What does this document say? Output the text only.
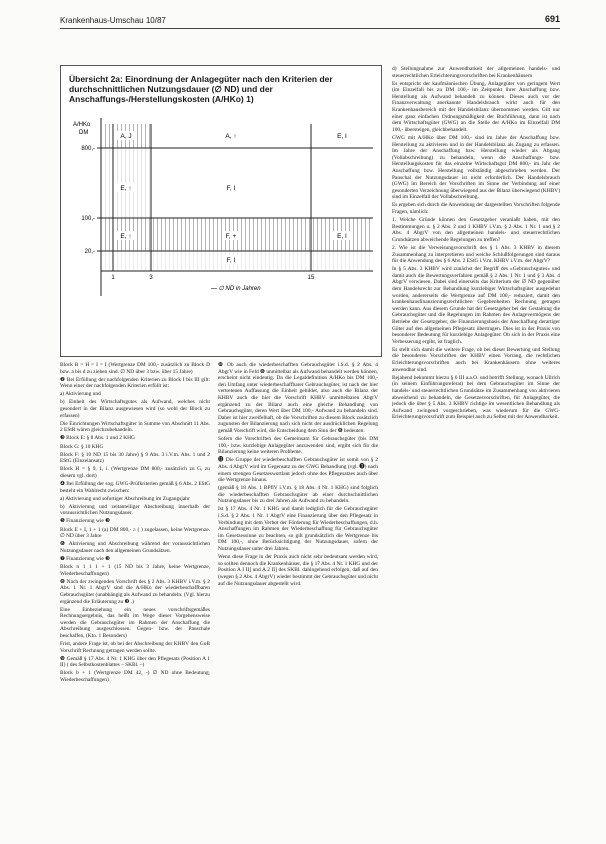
Krankenhaus-Umschau 10/87	691
Übersicht 2a: Einordnung der Anlagegüter nach den Kriterien der durchschnittlichen Nutzungsdauer (∅ ND) und der Anschaffungs-/Herstellungskosten (A/HKo) 1)
800,-
100,-
20,-
1	3	15
A/HKo
DM
— ∅ ND in Jahren
A, J	A, ↑	E, I
E, ↑	F, I
E, ↑	F, +	E, I
F, I

Block B = H = I = I (Wertgrenze DM 100,- zusätzlich zu Block D bzw. a bis d zu ziehen sind. ∅ ND über 3 bzw. über 15 Jahre)

❷ Bei Erfüllung der nachfolgenden Kriterien zu Block I bis III gilt: Wenn einer der nachfolgenden Kriterien erfüllt ist:

a) Aktivierung und

b) Einheit des Wirtschaftsgutes als Aufwand, welches nicht gesondert in der Bilanz ausgewiesen wird (so wohl der Block zu erfassen)

Die Einrichtungen Wirtschaftsgüter in Summe von Abschnitt 11 Abs. 2 EStR wären gleichzubehandeln.

❸ Block E: § 8 Abs. 1 und 2 KHG

Block G: § 10 KHG

Block F: § 10 ND 15 bis 30 Jahre) § 9 Abs. 3 i.V.m. Abs. 1 und 2 EStG (Einzelansatz)

Block H = § 9, 1, i. (Wertgrenze DM 800,- zusätzlich zu G, zu diesem vgl. dort)

❹ Bei Erfüllung der sog. GWG-Prüfkriterien gemäß § 6 Abs. 2 EStG besteht ein Wahlrecht zwischen:

a) Aktivierung und sofortiger Abschreibung im Zugangsjahr

b) Aktivierung und zeitanteiliger Abschreibung innerhalb der voraussichtlichen Nutzungsdauer.

❺ Finanzierung wie ❸

Block E + I, 1 + 1 (a) DM 800,- ≥ ( ) zugelassen, keine Wertgrenze. ∅ ND über 3 Jahre

❻ Aktivierung und Abschreibung während der voraussichtlichen Nutzungsdauer nach den allgemeinen Grundsätzen.

❼ Finanzierung wie ❸

Block n 1 1 1 + 1 (15 ND bis 3 Jahre, keine Wertgrenze, Wiederbeschaffungen)

❽ Nach der zwingenden Vorschrift des § 2 Abs. 3 KHBV i.V.m. § 2 Abs. 1 Nr. 1 AbgrV sind die A/HKo der wiederbeschaffbaren Gebrauchsgüter (unabhängig als Aufwand zu behandeln. (Vgl. hierzu ergänzend die Erläuterung zu ❸ .)

Eine Einbeziehung ein neues vorschriftsgemäßes Rechnungsergebnis, das heißt im Wege dieser Vorgehensweise werden die Gebrauchsgüter im Rahmen der Anschaffung die Abschreibung ausgeschlossen. Gegen- bzw. der Pauschale beschaffen, (Kto. 1 Besonders)

Frist, andere Frage ist, ob bei der Abschreibung der KHBV den GoB Vorschrift Rechnung getragen werden sollte.

❾ Gemäß § 17 Abs. 4 Nr. 1 KHG über den Pflegesatz (Position A 1 II) ( des Selbstkostenblattes – SKBl. –)

Block b + 1 (Wertgrenze DM 42, -) ∅ ND ohne Bedeutung, Wiederbeschaffungen)

❿ Ob auch die wiederbeschafften Gebrauchsgüter i.S.d. § 2 Abs. 4 AbgrV wie in Feld ❽ unmittelbar als Aufwand behandelt werden können, erscheint nicht eindeutig. Da die Legaldefinition A/HKo bis DM 100,- den Umfang unter wiederbeschaffbarer Gebrauchsgüter, ist nach der hier vertretenen Auffassung die Einheit gebildet, also auch die Bilanz der KHBV auch die hier die Vorschrift KHBV unmittelbaren AbgrV ergänzend zu der Bilanz auch eine gleiche Behandlung von Gebrauchsgüter, deren Wert über DM 100,- Aufwand zu behandeln sind. Daher ist hier zweifelhaft, ob die Vorschriften zu diesem Block zusätzlich zugunsten der Bilanzierung nach sich nicht der ausdrücklichen Regelung gemäß Vorschrift wird, die Entscheidung dem Sinn der ❽ bedeuten.

Sofern die Vorschriften des Gemeinsam für Gebrauchsgüter (bis DM 100,- bzw. kurzlebige Anlagegüter anzuwenden sind, ergibt sich für die Bilanzierung keine weiteren Probleme.

⓫ Die Gruppe der wiederbeschafften Gebrauchsgüter ist somit von § 2 Abs. 4 AbgrV wird im Gegensatz zu der GWG Behandlung (vgl. ❸) nach einem strengen Gesetzeswortlaut jedoch ohne des Pflegesatzes auch über die Wertgrenze hinaus.

(gemäß § 18 Abs. 1 BPflV i.V.m. § 18 Abs. 4 Nr. 1 KHG) sind folglich die wiederbeschafften Gebrauchsgüter ab einer durchschnittlichen Nutzungsdauer bis zu drei Jahren als Aufwand zu behandeln.

Ist § 17 Abs. 4 Nr. 1 KHG und damit lediglich für die Gebrauchsgüter i.S.d. § 2 Abs. 1 Nr. 1 AbgrV eine Finanzierung über den Pflegesatz in Verbindung mit dem Verbot der Förderung für Wiederbeschaffungen, d.h. Anschaffungen im Rahmen der Wiederbeschaffung für Gebrauchsgüter im Gesetzessinne zu beachten, so gilt grundsätzlich die Wertgrenze bis DM 100,-, ohne Berücksichtigung der Nutzungsdauer, sofern der Nutzungsdauer unter drei Jahren.

Wenn diese Frage in der Praxis auch nicht sehr bedeutsam werden wird, so sollten dennoch die Krankenhäuser, die § 17 Abs. 4 Nr. 1 KHG und der Position A I II] und A 2 II] des SKBl. dahingehend erfolgen, daß auf den (wegen § 2 Abs. 4 AbgrV) wieder bestimmt der Gebrauchsgüter und nicht auf die Nutzungsdauer abgestellt wird.

d) Stellungnahme zur Anwendbarkeit der allgemeinen handels- und steuerrechtlichen Erleichterungsvorschriften bei Krankenhäusern

Es entspricht der kaufmännischen Übung, Anlagegüter von geringem Wert (im Einzelfall bis zu DM 100,- im Zeitpunkt ihrer Anschaffung bzw. Herstellung als Aufwand behandelt zu können. Dieses auch vor der Finanzverwaltung anerkannte Handelsbrauch wirkt auch für den Krankenhausbereich mit der Handelsbilanz übernommen werden. Gilt nur einer ganz einfachen Ordnungsmäßigkeit der Buchführung, dann ist nach dem Wirtschaftsgüter (GWG) an die Stelle der A/HKo im Einzelfall DM 100,- übersteigen, gleichbehandelt.

GWG mit A/HKo über DM 100,- sind im Jahre der Anschaffung bzw. Herstellung zu aktivieren und in der Handelsbilanz als Zugang zu erfassen. Im Jahre der Anschaffung bzw. Herstellung wieder als Abgang (Vollabschreibung) zu behandeln, wenn die Anschaffungs- bzw. Herstellungskosten für das einzelne Wirtschaftsgut DM 800,- im Jahr der Anschaffung bzw. Herstellung vollständig abgeschrieben werden. Der Pauschal der Nutzungsdauer ist nicht erforderlich. Der Handelsbrauch (GWG) im Bereich der Vorschriften im Sinne der Verbindung auf einer gesonderten Verzeichnung überwiegend aus der Bilanz überwiegend (KHBV) sind im Einzelfall der Vollabschreibung.

Es ergeben sich durch die Anwendung der dargestellten Vorschriften folgende Fragen, nämlich:

1. Welche Gründe können den Gesetzgeber veranlaßt haben, mit den Bestimmungen u. § 2 Abs. 2 und 1 KHBV i.V.m. § 2 Abs. 1 Nr. 1 und § 2 Abs. 4 AbgrV von den allgemeinen handels- und steuerrechtlichen Grundsätzen abweichende Regelungen zu treffen?

2. Wie ist die Verweisungsvorschrift des § 1 Abs. 3 KHBV in diesem Zusammenhang zu interpretieren und welche Schlußfolgerungen sind daraus für die Anwendung des § 6 Abs. 2 EStG i.V.m. KHBV i.V.m. der AbgrV?

In § 5 Abs. 3 KHBV wird zunächst der Begriff des »Gebrauchsgutes« und damit auch die Bewertungsverfahren gemäß § 2 Abs. 1 Nr. 1 und § 3 Abs. 4 AbgrV verwiesen. Dabei sind einerseits das Kriterium der ∅ ND gegenüber dem Handelsrecht zur Behandlung kurzlebiger Wirtschaftsgüter ausgedehnt worden, andererseits die Wertgrenze auf DM 100,- reduziert, damit den krankenhausfinanzierungsrechtlichen Gegebenheiten Rechnung getragen werden kann. Aus diesem Grunde hat der Gesetzgeber bei der Gestaltung die Gebrauchsgüter und die Regelungen im Rahmen des Anlagevermögens der Betriebe der Gesetzgeber, die Finanzierungsbasis der Anschaffung derartiger Güter auf den allgemeinen Pflegesatz übertragen. Dies ist in der Praxis von besonderer Bedeutung für kurzlebige Anlagegüter. Ob sich in der Praxis eine Verbesserung ergibt, ist fraglich.

Es stellt sich damit die weitere Frage, ob bei dieser Bewertung und Stellung die besonderen Vorschriften der KHBV einen Vorrang, die rechtlichen Erleichterungsvorschriften auch bei Krankenhäusern ohne weiteres anwendbar sind.

Bejahend bekommt hierzu § 6 III a.a.O. und betrifft Stellung, wonach Ullrich (in seinem Einführungsreferat) bei dem Gebrauchsgüter im Sinne der handels- und steuerrechtlichen Grundsätze im Zusammenhang von aktivieren abweichend zu behandeln, die Gesetzesvorschriften, für Anlagegüter, die jedoch die über § 5 Abs. 3 KHBV richtige im wesentlichen Behandlung als Aufwand zwingend vorgeschrieben, was wiederum für die GWG-Erleichterungsvorschrift zum Beispiel auch zu Selbst mit der Anwendbarkeit.
